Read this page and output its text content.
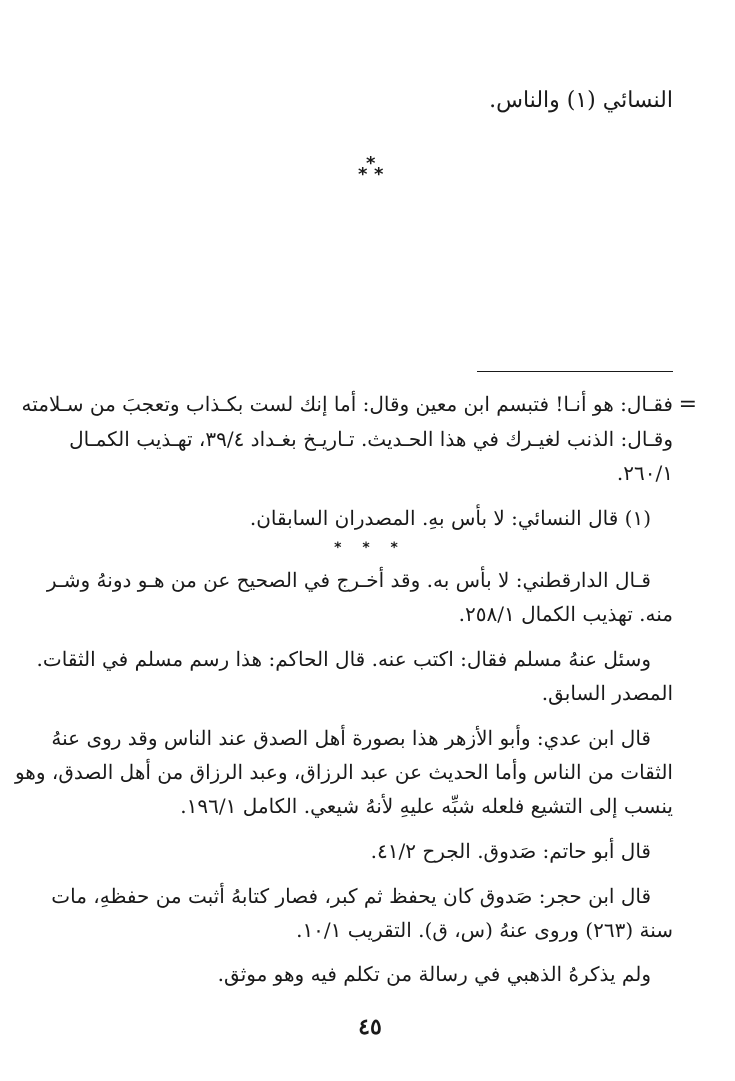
النسائي (١) والناس.
*
* *
=
فقـال: هو أنـا! فتبسم ابن معين وقال: أما إنك لست بكـذاب وتعجبَ من سـلامته
وقـال: الذنب لغيـرك في هذا الحـديث. تـاريـخ بغـداد ٣٩/٤، تهـذيب الكمـال
٢٦٠/١.
(١) قال النسائي: لا بأس بهِ. المصدران السابقان.
* * *
قـال الدارقطني: لا بأس به. وقد أخـرج في الصحيح عن من هـو دونهُ وشـر
منه. تهذيب الكمال ٢٥٨/١.
وسئل عنهُ مسلم فقال: اكتب عنه. قال الحاكم: هذا رسم مسلم في الثقات.
المصدر السابق.
قال ابن عدي: وأبو الأزهر هذا بصورة أهل الصدق عند الناس وقد روى عنهُ
الثقات من الناس وأما الحديث عن عبد الرزاق، وعبد الرزاق من أهل الصدق، وهو
ينسب إلى التشيع فلعله شبِّه عليهِ لأنهُ شيعي. الكامل ١٩٦/١.
قال أبو حاتم: صَدوق. الجرح ٤١/٢.
قال ابن حجر: صَدوق كان يحفظ ثم كبر، فصار كتابهُ أثبت من حفظهِ، مات
سنة (٢٦٣) وروى عنهُ (س، ق). التقريب ١٠/١.
ولم يذكرهُ الذهبي في رسالة من تكلم فيه وهو موثق.
٤٥
